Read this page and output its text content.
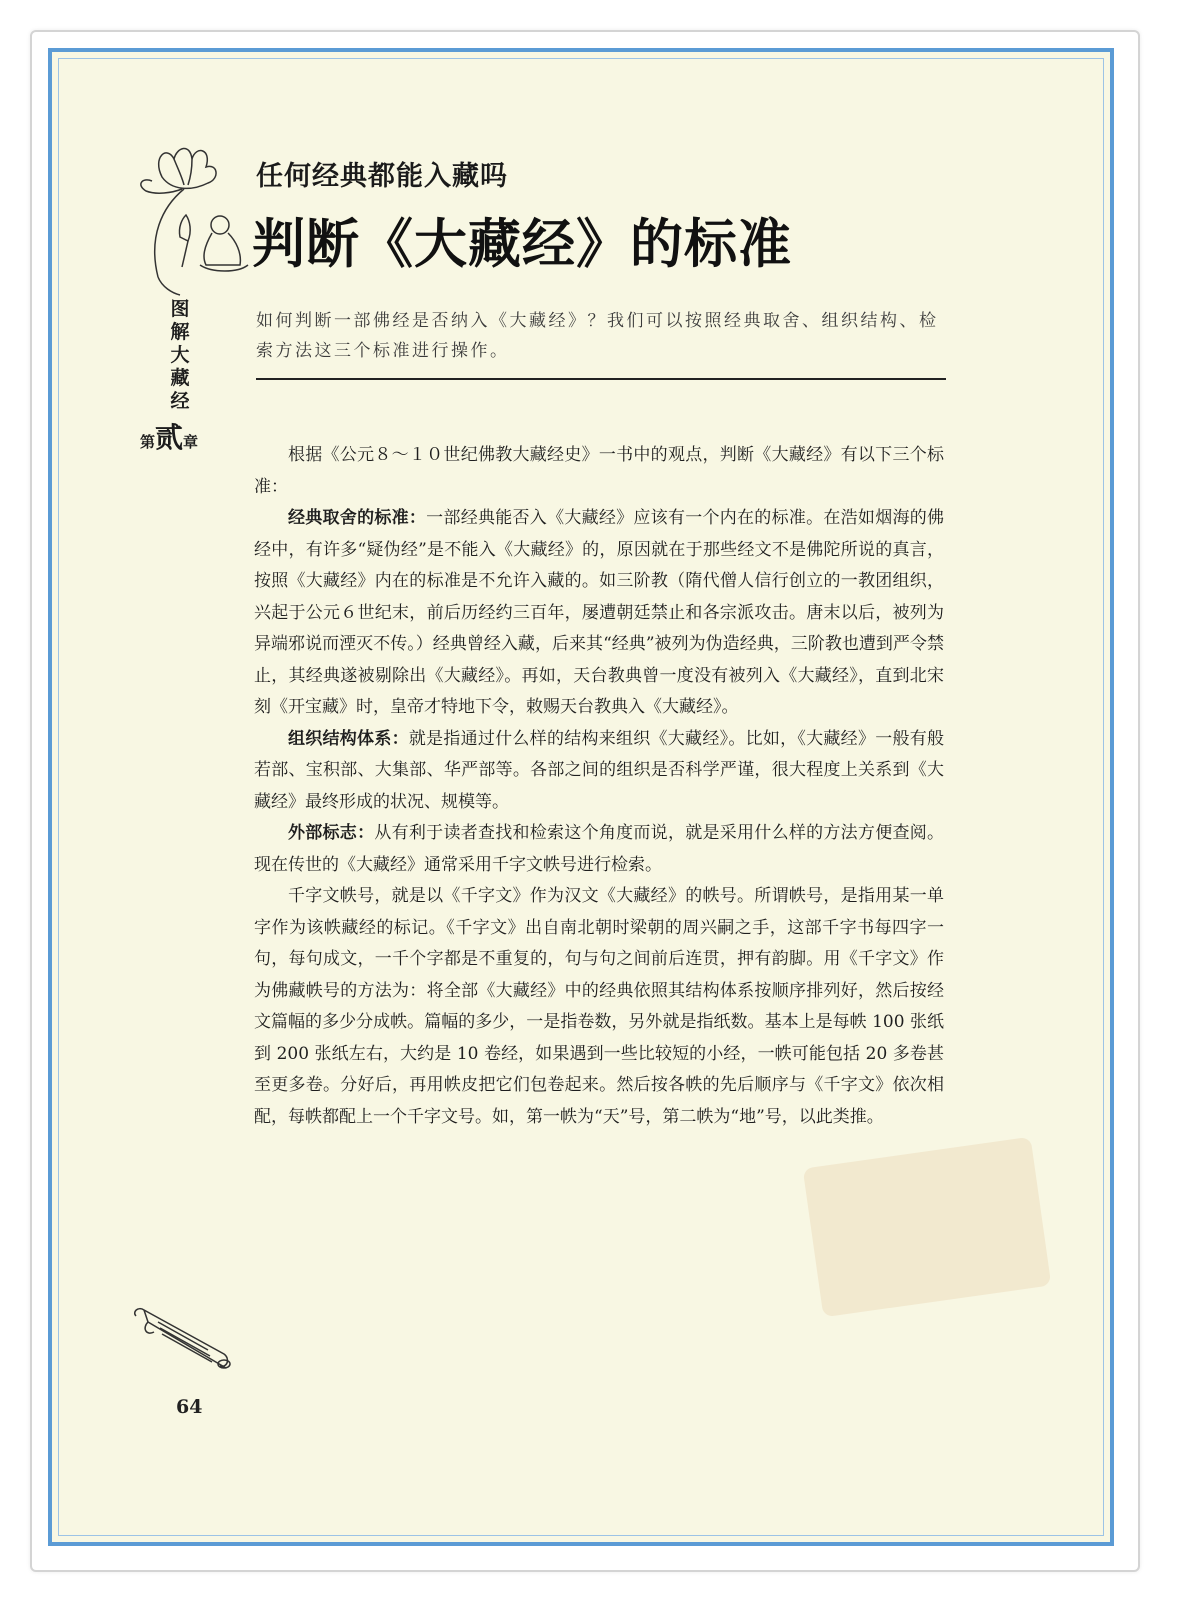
图解大藏经
第贰章
任何经典都能入藏吗
判断《大藏经》的标准
如何判断一部佛经是否纳入《大藏经》？我们可以按照经典取舍、组织结构、检索方法这三个标准进行操作。

根据《公元８～１０世纪佛教大藏经史》一书中的观点，判断《大藏经》有以下三个标准：

经典取舍的标准：一部经典能否入《大藏经》应该有一个内在的标准。在浩如烟海的佛经中，有许多“疑伪经”是不能入《大藏经》的，原因就在于那些经文不是佛陀所说的真言，按照《大藏经》内在的标准是不允许入藏的。如三阶教（隋代僧人信行创立的一教团组织，兴起于公元６世纪末，前后历经约三百年，屡遭朝廷禁止和各宗派攻击。唐末以后，被列为异端邪说而湮灭不传。）经典曾经入藏，后来其“经典”被列为伪造经典，三阶教也遭到严令禁止，其经典遂被剔除出《大藏经》。再如，天台教典曾一度没有被列入《大藏经》，直到北宋刻《开宝藏》时，皇帝才特地下令，敕赐天台教典入《大藏经》。

组织结构体系：就是指通过什么样的结构来组织《大藏经》。比如，《大藏经》一般有般若部、宝积部、大集部、华严部等。各部之间的组织是否科学严谨，很大程度上关系到《大藏经》最终形成的状况、规模等。

外部标志：从有利于读者查找和检索这个角度而说，就是采用什么样的方法方便查阅。现在传世的《大藏经》通常采用千字文帙号进行检索。

千字文帙号，就是以《千字文》作为汉文《大藏经》的帙号。所谓帙号，是指用某一单字作为该帙藏经的标记。《千字文》出自南北朝时梁朝的周兴嗣之手，这部千字书每四字一句，每句成文，一千个字都是不重复的，句与句之间前后连贯，押有韵脚。用《千字文》作为佛藏帙号的方法为：将全部《大藏经》中的经典依照其结构体系按顺序排列好，然后按经文篇幅的多少分成帙。篇幅的多少，一是指卷数，另外就是指纸数。基本上是每帙 100 张纸到 200 张纸左右，大约是 10 卷经，如果遇到一些比较短的小经，一帙可能包括 20 多卷甚至更多卷。分好后，再用帙皮把它们包卷起来。然后按各帙的先后顺序与《千字文》依次相配，每帙都配上一个千字文号。如，第一帙为“天”号，第二帙为“地”号，以此类推。

64
